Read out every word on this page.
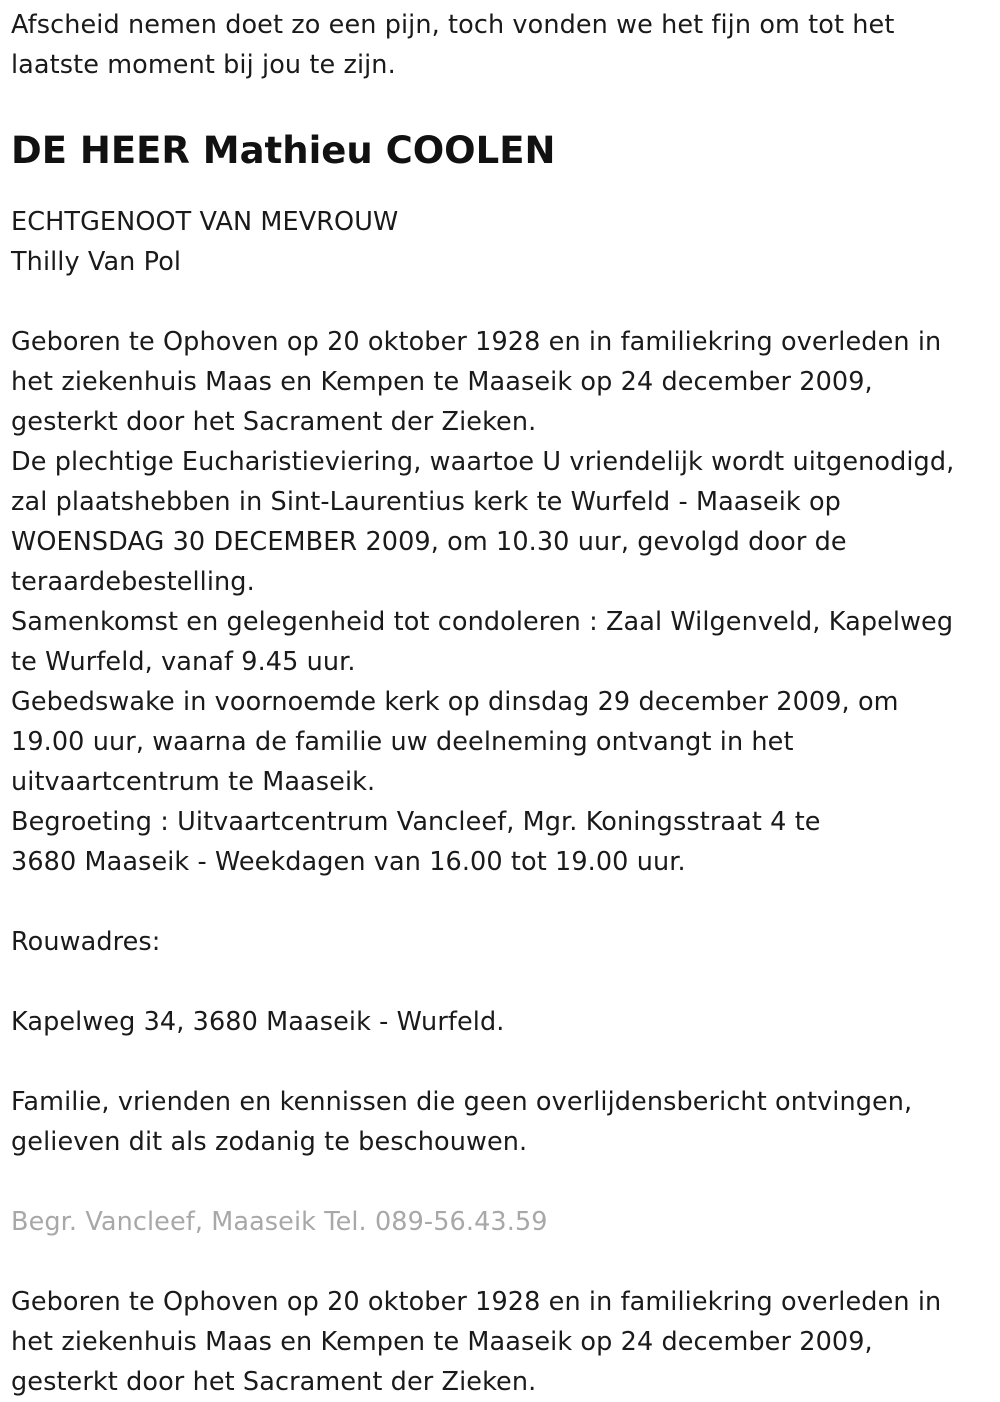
Afscheid nemen doet zo een pijn, toch vonden we het fijn om tot het
laatste moment bij jou te zijn.
DE HEER Mathieu COOLEN
ECHTGENOOT VAN MEVROUW
Thilly Van Pol
Geboren te Ophoven op 20 oktober 1928 en in familiekring overleden in
het ziekenhuis Maas en Kempen te Maaseik op 24 december 2009,
gesterkt door het Sacrament der Zieken.
De plechtige Eucharistieviering, waartoe U vriendelijk wordt uitgenodigd,
zal plaatshebben in Sint-Laurentius kerk te Wurfeld - Maaseik op
WOENSDAG 30 DECEMBER 2009, om 10.30 uur, gevolgd door de
teraardebestelling.
Samenkomst en gelegenheid tot condoleren : Zaal Wilgenveld, Kapelweg
te Wurfeld, vanaf 9.45 uur.
Gebedswake in voornoemde kerk op dinsdag 29 december 2009, om
19.00 uur, waarna de familie uw deelneming ontvangt in het
uitvaartcentrum te Maaseik.
Begroeting : Uitvaartcentrum Vancleef, Mgr. Koningsstraat 4 te
3680 Maaseik - Weekdagen van 16.00 tot 19.00 uur.
Rouwadres:
Kapelweg 34, 3680 Maaseik - Wurfeld.
Familie, vrienden en kennissen die geen overlijdensbericht ontvingen,
gelieven dit als zodanig te beschouwen.
Begr. Vancleef, Maaseik Tel. 089-56.43.59
Geboren te Ophoven op 20 oktober 1928 en in familiekring overleden in
het ziekenhuis Maas en Kempen te Maaseik op 24 december 2009,
gesterkt door het Sacrament der Zieken.
